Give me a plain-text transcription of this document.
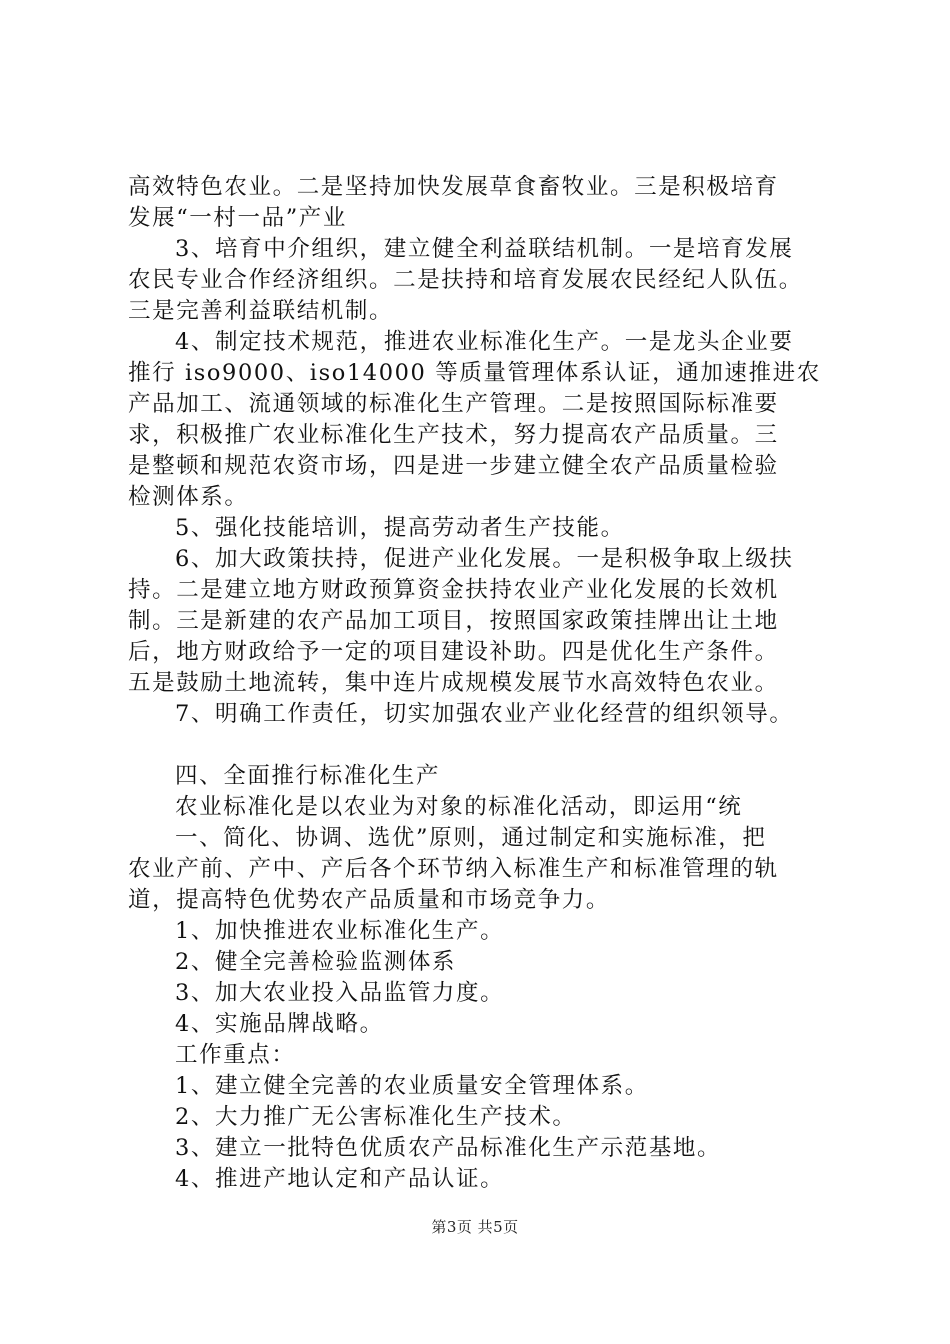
高效特色农业。二是坚持加快发展草食畜牧业。三是积极培育
发展“一村一品”产业
3、培育中介组织，建立健全利益联结机制。一是培育发展
农民专业合作经济组织。二是扶持和培育发展农民经纪人队伍。
三是完善利益联结机制。
4、制定技术规范，推进农业标准化生产。一是龙头企业要
推行 iso9000、iso14000 等质量管理体系认证，通加速推进农
产品加工、流通领域的标准化生产管理。二是按照国际标准要
求，积极推广农业标准化生产技术，努力提高农产品质量。三
是整顿和规范农资市场，四是进一步建立健全农产品质量检验
检测体系。
5、强化技能培训，提高劳动者生产技能。
6、加大政策扶持，促进产业化发展。一是积极争取上级扶
持。二是建立地方财政预算资金扶持农业产业化发展的长效机
制。三是新建的农产品加工项目，按照国家政策挂牌出让土地
后，地方财政给予一定的项目建设补助。四是优化生产条件。
五是鼓励土地流转，集中连片成规模发展节水高效特色农业。
7、明确工作责任，切实加强农业产业化经营的组织领导。
四、全面推行标准化生产
农业标准化是以农业为对象的标准化活动，即运用“统
一、简化、协调、选优”原则，通过制定和实施标准，把
农业产前、产中、产后各个环节纳入标准生产和标准管理的轨
道，提高特色优势农产品质量和市场竞争力。
1、加快推进农业标准化生产。
2、健全完善检验监测体系
3、加大农业投入品监管力度。
4、实施品牌战略。
工作重点：
1、建立健全完善的农业质量安全管理体系。
2、大力推广无公害标准化生产技术。
3、建立一批特色优质农产品标准化生产示范基地。
4、推进产地认定和产品认证。
第3页 共5页
